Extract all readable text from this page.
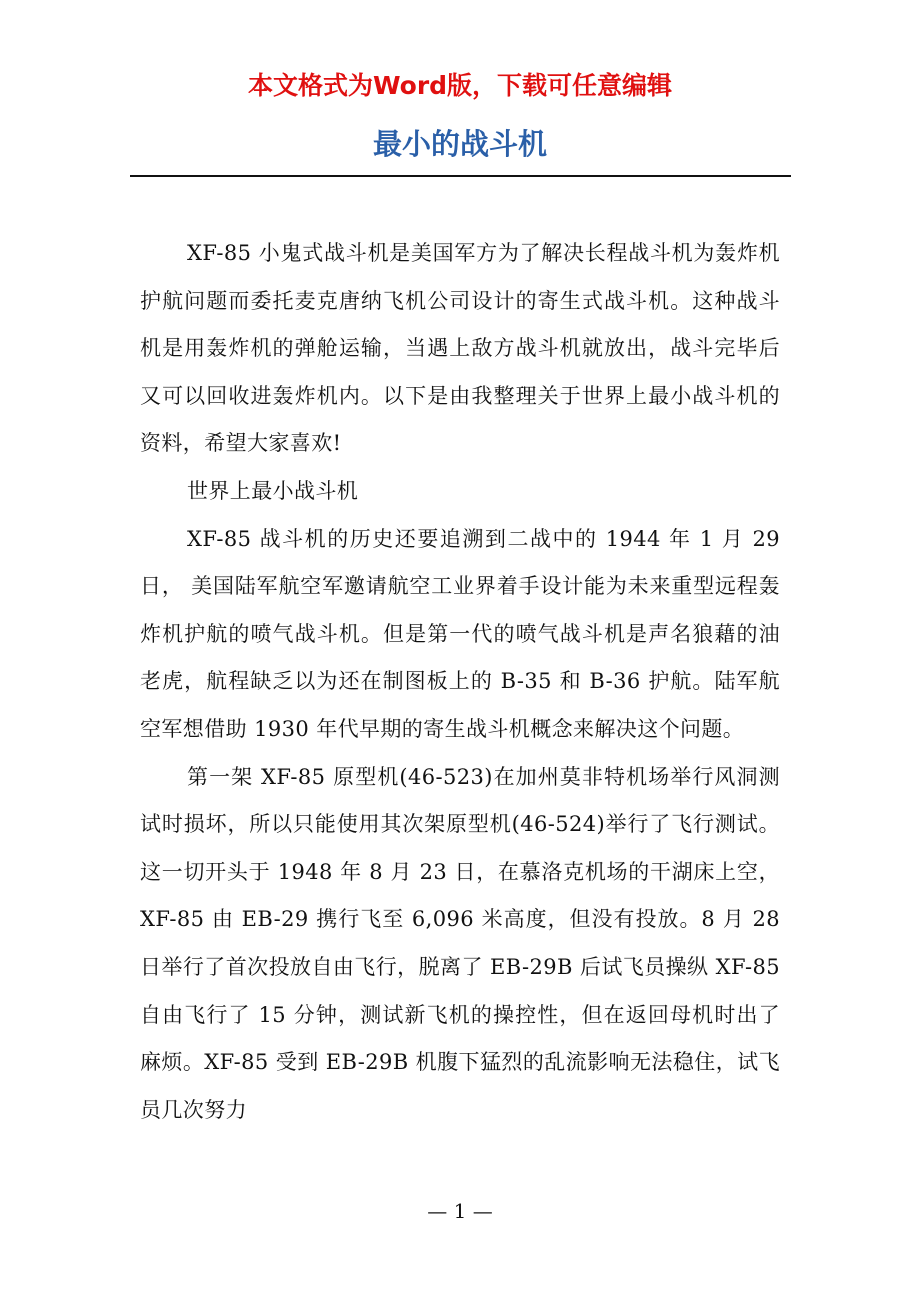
本文格式为Word版，下载可任意编辑
最小的战斗机

XF-85 小鬼式战斗机是美国军方为了解决长程战斗机为轰炸机护航问题而委托麦克唐纳飞机公司设计的寄生式战斗机。这种战斗机是用轰炸机的弹舱运输，当遇上敌方战斗机就放出，战斗完毕后又可以回收进轰炸机内。以下是由我整理关于世界上最小战斗机的资料，希望大家喜欢!

世界上最小战斗机

XF-85 战斗机的历史还要追溯到二战中的 1944 年 1 月 29 日， 美国陆军航空军邀请航空工业界着手设计能为未来重型远程轰炸机护航的喷气战斗机。但是第一代的喷气战斗机是声名狼藉的油老虎，航程缺乏以为还在制图板上的 B-35 和 B-36 护航。陆军航空军想借助 1930 年代早期的寄生战斗机概念来解决这个问题。

第一架 XF-85 原型机(46-523)在加州莫非特机场举行风洞测试时损坏，所以只能使用其次架原型机(46-524)举行了飞行测试。这一切开头于 1948 年 8 月 23 日，在慕洛克机场的干湖床上空，XF-85 由 EB-29 携行飞至 6,096 米高度，但没有投放。8 月 28 日举行了首次投放自由飞行，脱离了 EB-29B 后试飞员操纵 XF-85 自由飞行了 15 分钟，测试新飞机的操控性，但在返回母机时出了麻烦。XF-85 受到 EB-29B 机腹下猛烈的乱流影响无法稳住，试飞员几次努力

— 1 —
